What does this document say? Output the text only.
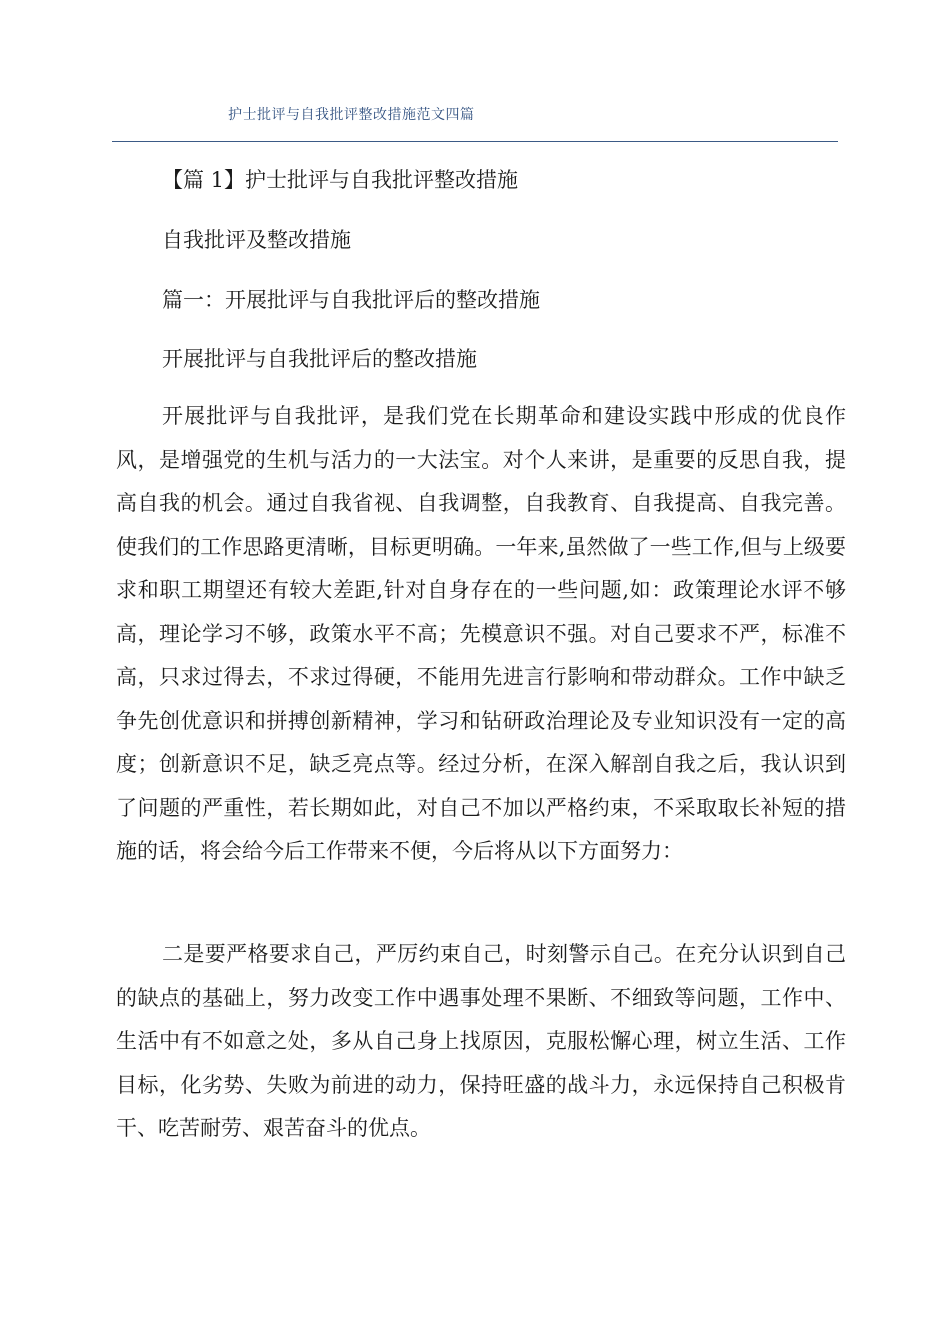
护士批评与自我批评整改措施范文四篇
【篇 1】护士批评与自我批评整改措施
自我批评及整改措施
篇一：开展批评与自我批评后的整改措施
开展批评与自我批评后的整改措施

开展批评与自我批评，是我们党在长期革命和建设实践中形成的优良作风，是增强党的生机与活力的一大法宝。对个人来讲，是重要的反思自我，提高自我的机会。通过自我省视、自我调整，自我教育、自我提高、自我完善。使我们的工作思路更清晰，目标更明确。一年来,虽然做了一些工作,但与上级要求和职工期望还有较大差距,针对自身存在的一些问题,如：政策理论水评不够高，理论学习不够，政策水平不高；先模意识不强。对自己要求不严，标准不高，只求过得去，不求过得硬，不能用先进言行影响和带动群众。工作中缺乏争先创优意识和拼搏创新精神，学习和钻研政治理论及专业知识没有一定的高度；创新意识不足，缺乏亮点等。经过分析，在深入解剖自我之后，我认识到了问题的严重性，若长期如此，对自己不加以严格约束，不采取取长补短的措施的话，将会给今后工作带来不便，今后将从以下方面努力：

二是要严格要求自己，严厉约束自己，时刻警示自己。在充分认识到自己的缺点的基础上，努力改变工作中遇事处理不果断、不细致等问题，工作中、生活中有不如意之处，多从自己身上找原因，克服松懈心理，树立生活、工作目标，化劣势、失败为前进的动力，保持旺盛的战斗力，永远保持自己积极肯干、吃苦耐劳、艰苦奋斗的优点。
